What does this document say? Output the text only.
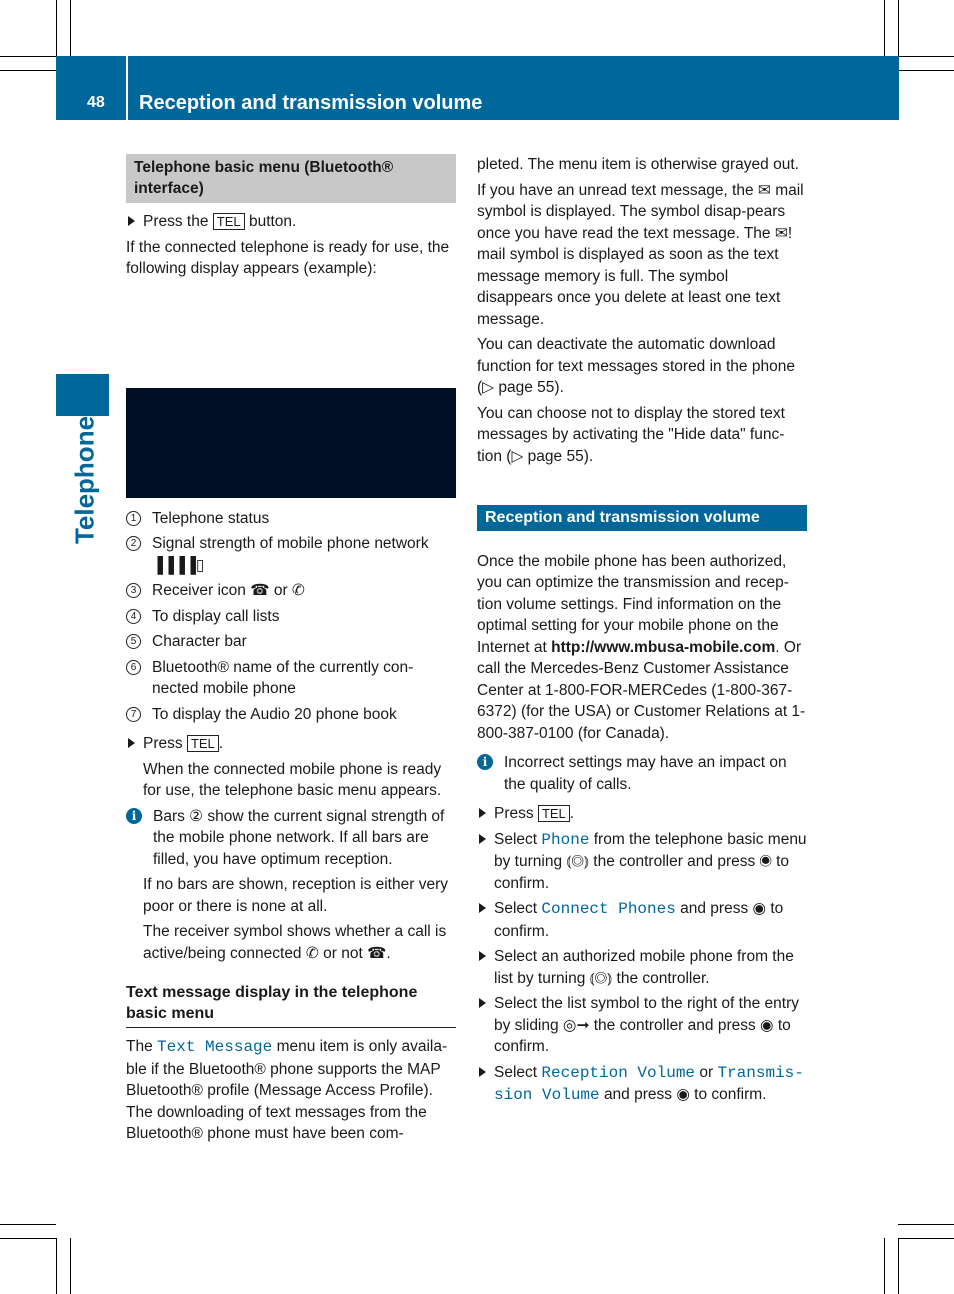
48 Reception and transmission volume
Telephone
Telephone basic menu (Bluetooth® interface)
Press the TEL button.

If the connected telephone is ready for use, the following display appears (example):

1	Telephone status
2	Signal strength of mobile phone network ▐▐▐▐▯
3	Receiver icon ☎ or ✆
4	To display call lists
5	Character bar
6	Bluetooth® name of the currently con-nected mobile phone
7	To display the Audio 20 phone book
Press TEL .

When the connected mobile phone is ready for use, the telephone basic menu appears.

i	Bars ② show the current signal strength of the mobile phone network. If all bars are filled, you have optimum reception.

If no bars are shown, reception is either very poor or there is none at all.

The receiver symbol shows whether a call is active/being connected ✆ or not ☎.

Text message display in the telephone basic menu

The Text Message menu item is only availa-ble if the Bluetooth® phone supports the MAP Bluetooth® profile (Message Access Profile). The downloading of text messages from the Bluetooth® phone must have been com-

pleted. The menu item is otherwise grayed out.

If you have an unread text message, the ✉ mail symbol is displayed. The symbol disap-pears once you have read the text message. The ✉! mail symbol is displayed as soon as the text message memory is full. The symbol disappears once you delete at least one text message.

You can deactivate the automatic download function for text messages stored in the phone (▷ page 55).

You can choose not to display the stored text messages by activating the "Hide data" func-tion (▷ page 55).

Reception and transmission volume

Once the mobile phone has been authorized, you can optimize the transmission and recep-tion volume settings. Find information on the optimal setting for your mobile phone on the Internet at http://www.mbusa-mobile.com. Or call the Mercedes-Benz Customer Assistance Center at 1-800-FOR-MERCedes (1-800-367-6372) (for the USA) or Customer Relations at 1-800-387-0100 (for Canada).

i	Incorrect settings may have an impact on the quality of calls.

Press TEL .
Select Phone from the telephone basic menu by turning ⦅◎⦆ the controller and press ◉ to confirm.
Select Connect Phones and press ◉ to confirm.
Select an authorized mobile phone from the list by turning ⦅◎⦆ the controller.
Select the list symbol to the right of the entry by sliding ◎➞ the controller and press ◉ to confirm.
Select Reception Volume or Transmis-sion Volume and press ◉ to confirm.
